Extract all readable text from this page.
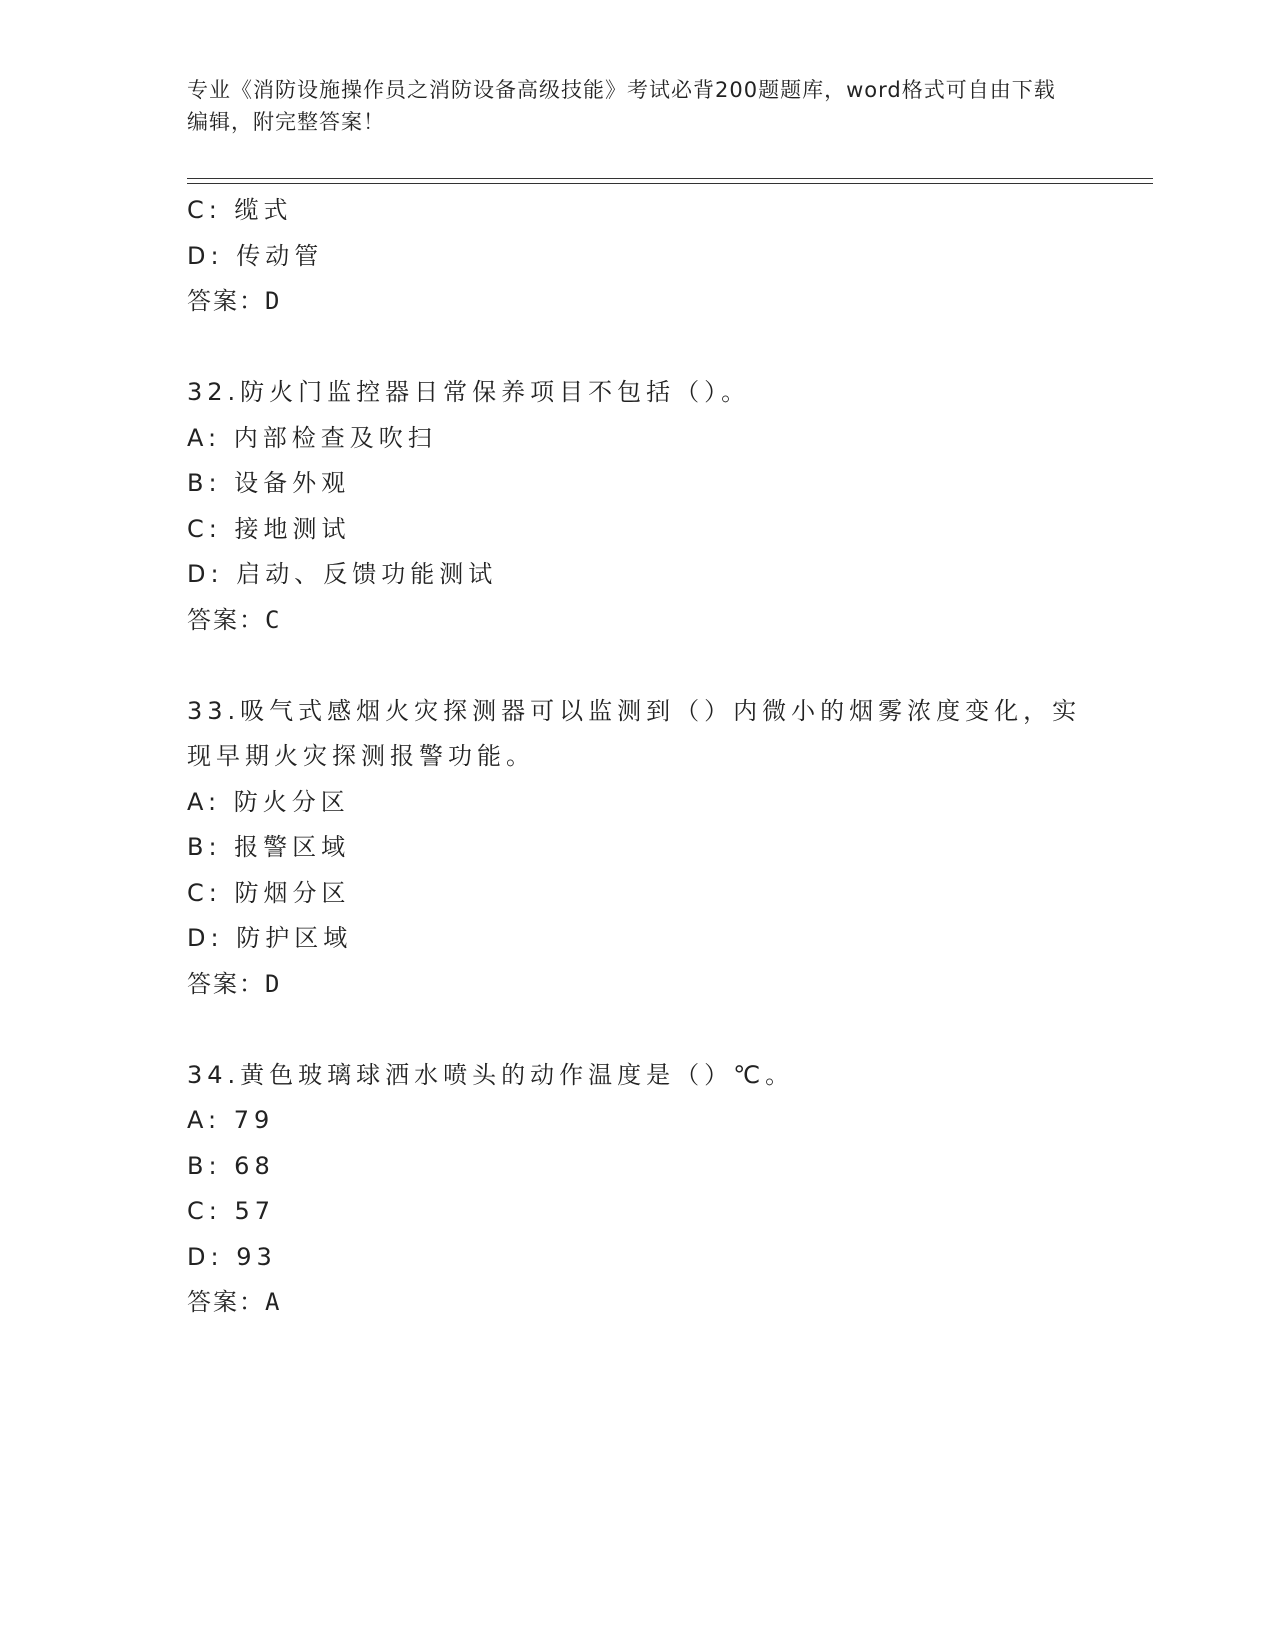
专业《消防设施操作员之消防设备高级技能》考试必背200题题库，word格式可自由下载编辑，附完整答案！
C: 缆式
D: 传动管
答案：D
32.防火门监控器日常保养项目不包括（）。
A: 内部检查及吹扫
B: 设备外观
C: 接地测试
D: 启动、反馈功能测试
答案：C
33.吸气式感烟火灾探测器可以监测到（）内微小的烟雾浓度变化，实现早期火灾探测报警功能。
A: 防火分区
B: 报警区域
C: 防烟分区
D: 防护区域
答案：D
34.黄色玻璃球洒水喷头的动作温度是（）℃。
A: 79
B: 68
C: 57
D: 93
答案：A
